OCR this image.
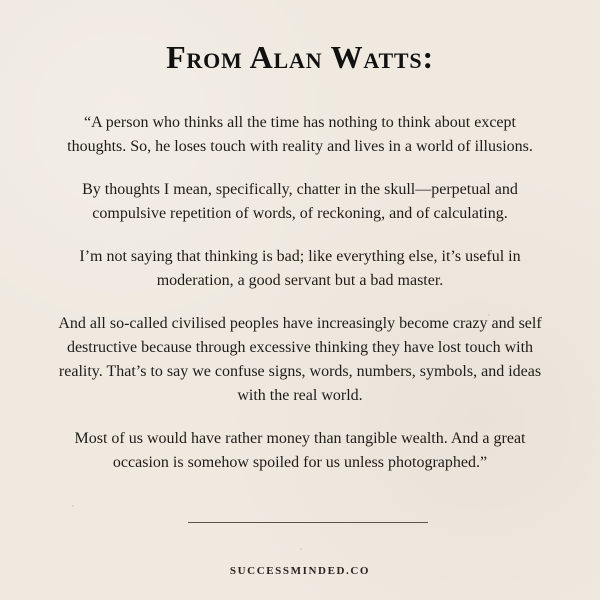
From Alan Watts:

“A person who thinks all the time has nothing to think about except thoughts. So, he loses touch with reality and lives in a world of illusions.

By thoughts I mean, specifically, chatter in the skull—perpetual and compulsive repetition of words, of reckoning, and of calculating.

I’m not saying that thinking is bad; like everything else, it’s useful in moderation, a good servant but a bad master.

And all so-called civilised peoples have increasingly become crazy and self destructive because through excessive thinking they have lost touch with reality. That’s to say we confuse signs, words, numbers, symbols, and ideas with the real world.

Most of us would have rather money than tangible wealth. And a great occasion is somehow spoiled for us unless photographed.”

SUCCESSMINDED.CO
